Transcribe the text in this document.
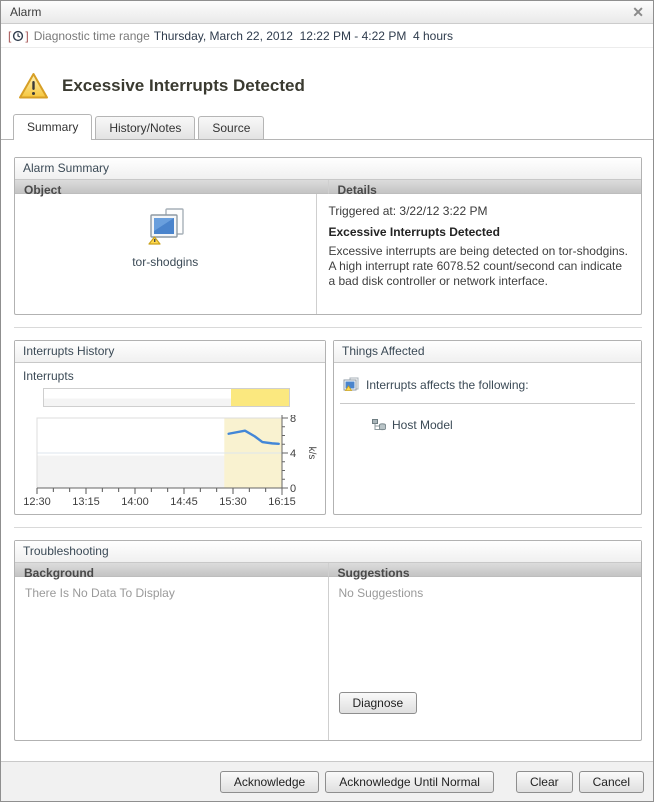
Alarm	✕
[ ] Diagnostic time range Thursday, March 22, 2012  12:22 PM - 4:22 PM  4 hours
Excessive Interrupts Detected
Summary	History/Notes	Source
Alarm Summary
Object	Details
tor-shodgins
Triggered at: 3/22/12 3:22 PM
Excessive Interrupts Detected
Excessive interrupts are being detected on tor-shodgins. A high interrupt rate 6078.52 count/second can indicate a bad disk controller or network interface.
Interrupts History
Interrupts
12:30 13:15 14:00 14:45 15:30 16:15
0
4
8
k/s
Things Affected
Interrupts affects the following:
Host Model
Troubleshooting
Background	Suggestions
There Is No Data To Display	No Suggestions
Diagnose
Acknowledge	Acknowledge Until Normal	Clear	Cancel
